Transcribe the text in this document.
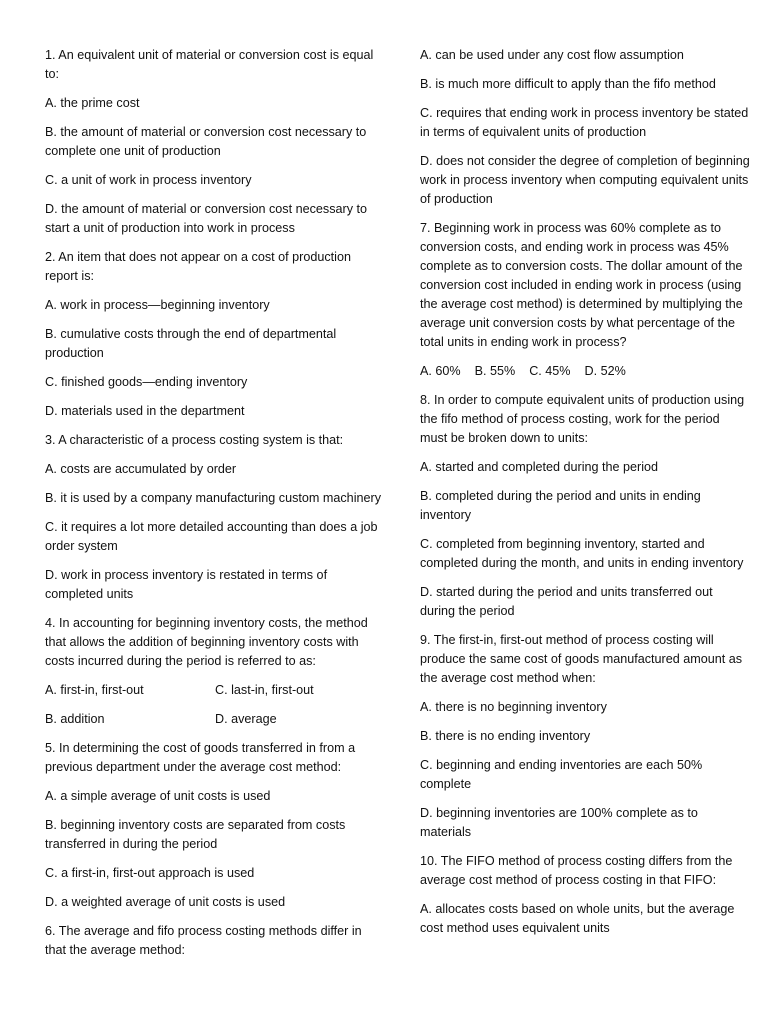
1. An equivalent unit of material or conversion cost is equal to:

A. the prime cost

B. the amount of material or conversion cost necessary to complete one unit of production

C. a unit of work in process inventory

D. the amount of material or conversion cost necessary to start a unit of production into work in process

2. An item that does not appear on a cost of production report is:

A. work in process—beginning inventory

B. cumulative costs through the end of departmental production

C. finished goods—ending inventory

D. materials used in the department

3. A characteristic of a process costing system is that:

A. costs are accumulated by order

B. it is used by a company manufacturing custom machinery

C. it requires a lot more detailed accounting than does a job order system

D. work in process inventory is restated in terms of completed units

4. In accounting for beginning inventory costs, the method that allows the addition of beginning inventory costs with costs incurred during the period is referred to as:

A. first-in, first-out	C. last-in, first-out
B. addition	D. average

5. In determining the cost of goods transferred in from a previous department under the average cost method:

A. a simple average of unit costs is used

B. beginning inventory costs are separated from costs transferred in during the period

C. a first-in, first-out approach is used

D. a weighted average of unit costs is used

6. The average and fifo process costing methods differ in that the average method:

A. can be used under any cost flow assumption

B. is much more difficult to apply than the fifo method

C. requires that ending work in process inventory be stated in terms of equivalent units of production

D. does not consider the degree of completion of beginning work in process inventory when computing equivalent units of production

7. Beginning work in process was 60% complete as to conversion costs, and ending work in process was 45% complete as to conversion costs. The dollar amount of the conversion cost included in ending work in process (using the average cost method) is determined by multiplying the average unit conversion costs by what percentage of the total units in ending work in process?

A. 60%    B. 55%    C. 45%    D. 52%

8. In order to compute equivalent units of production using the fifo method of process costing, work for the period must be broken down to units:

A. started and completed during the period

B. completed during the period and units in ending inventory

C. completed from beginning inventory, started and completed during the month, and units in ending inventory

D. started during the period and units transferred out during the period

9. The first-in, first-out method of process costing will produce the same cost of goods manufactured amount as the average cost method when:

A. there is no beginning inventory

B. there is no ending inventory

C. beginning and ending inventories are each 50% complete

D. beginning inventories are 100% complete as to materials

10. The FIFO method of process costing differs from the average cost method of process costing in that FIFO:

A. allocates costs based on whole units, but the average cost method uses equivalent units
